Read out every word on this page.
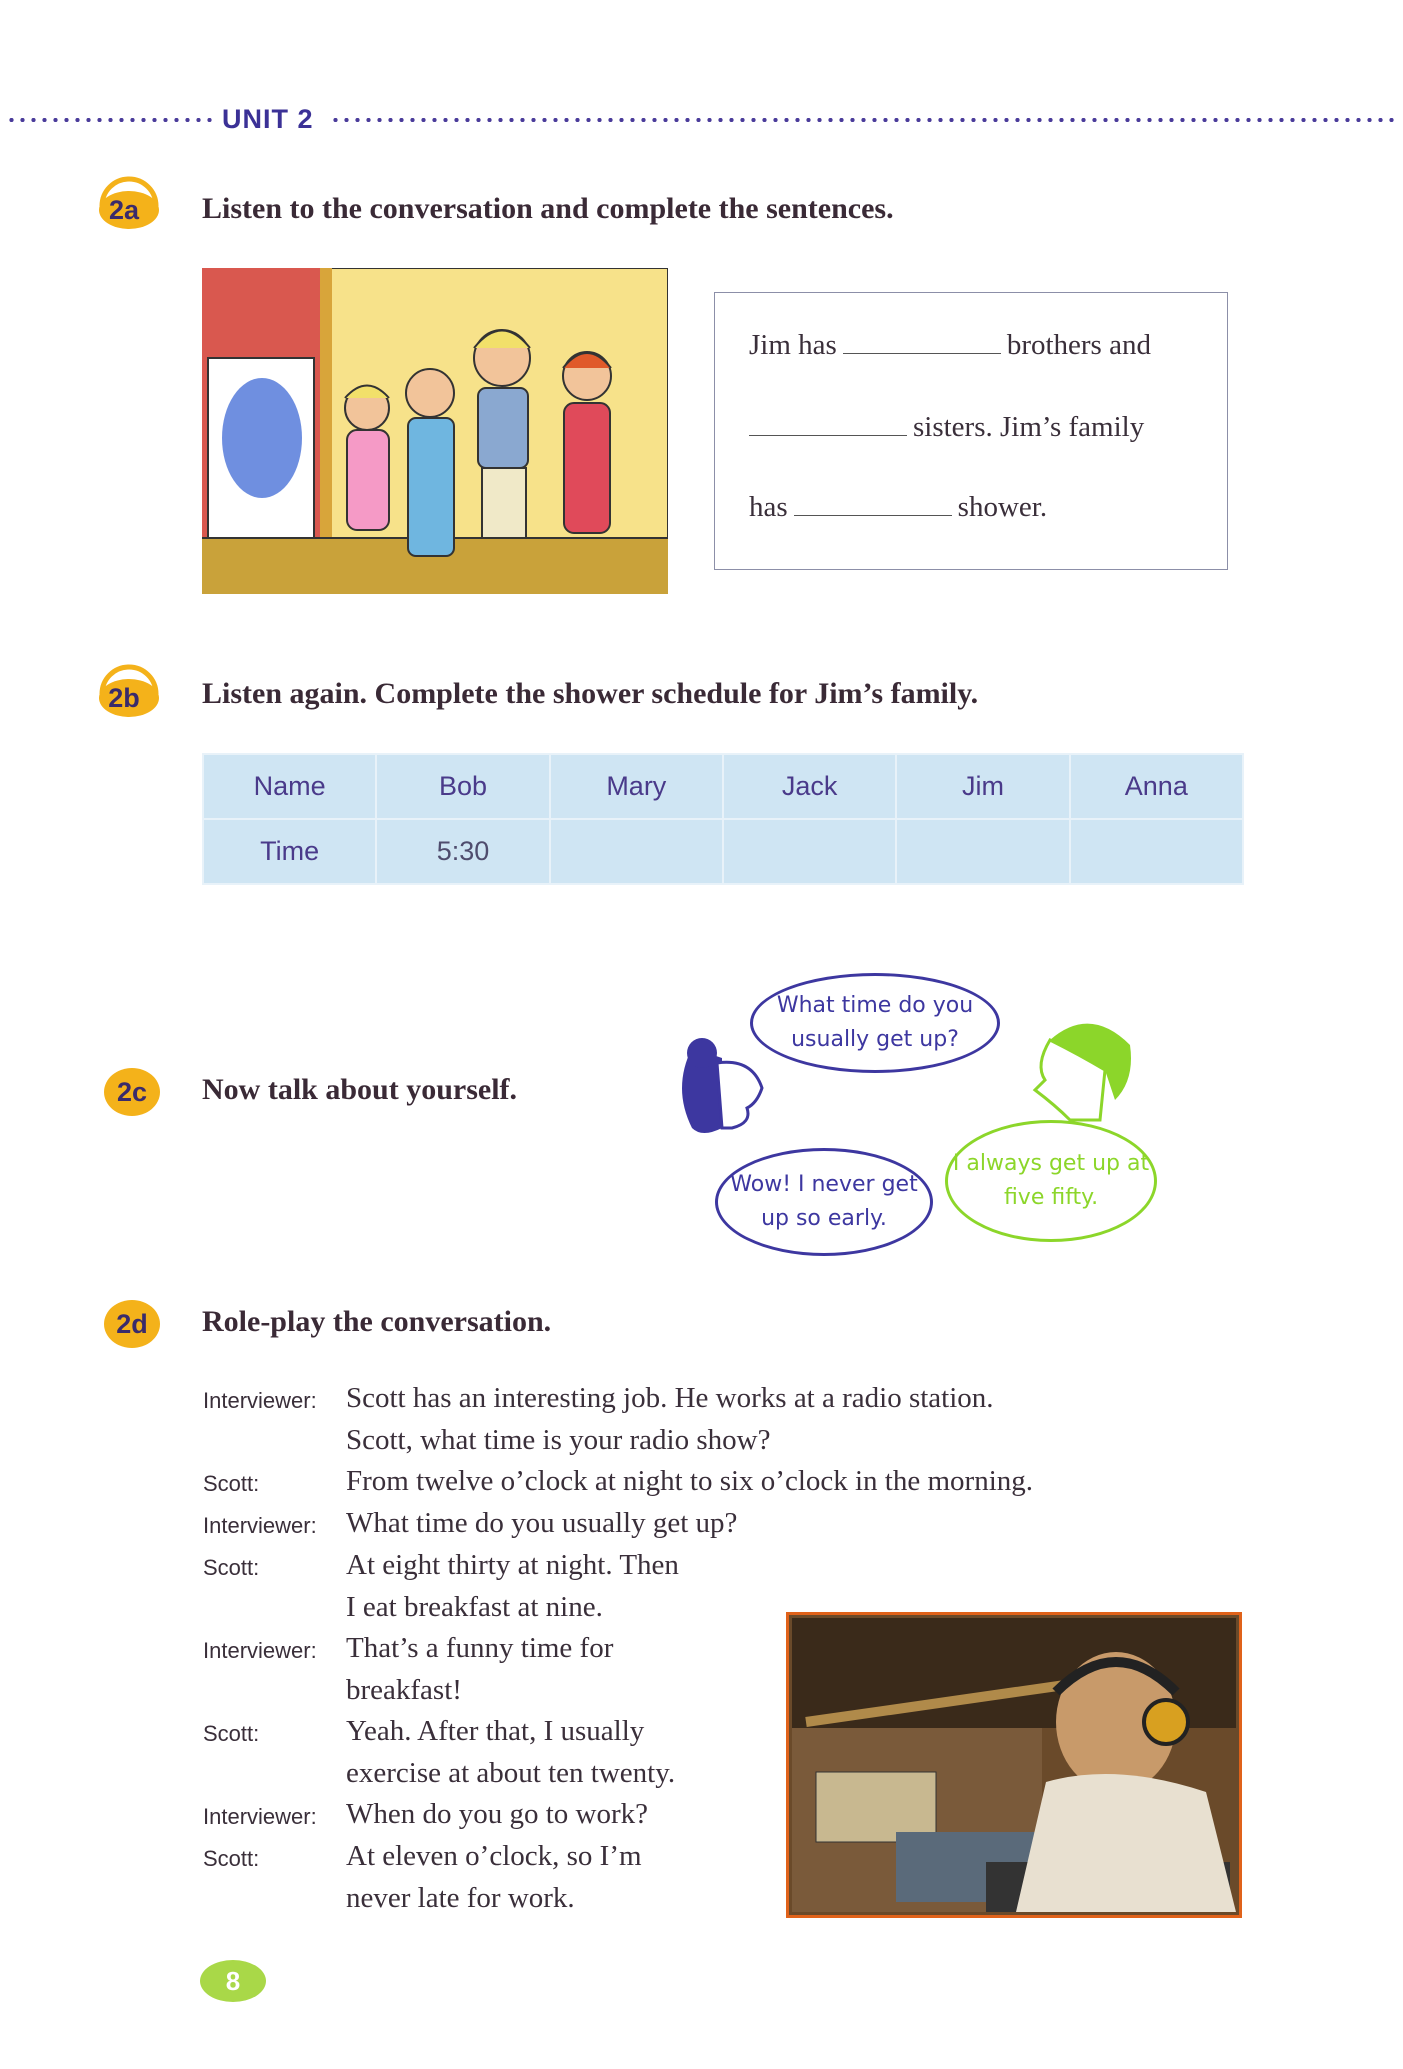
UNIT 2
2a	Listen to the conversation and complete the sentences.
Jim has	brothers and
sisters. Jim’s family
has	shower.
2b	Listen again. Complete the shower schedule for Jim’s family.
Name	Bob	Mary	Jack	Jim	Anna
Time	5:30				
2c	Now talk about yourself.
What time do you usually get up?
Wow! I never get up so early.
I always get up at five fifty.
2d	Role-play the conversation.
Interviewer: Scott has an interesting job. He works at a radio station.
Scott, what time is your radio show?
Scott:	From twelve o’clock at night to six o’clock in the morning.
Interviewer: What time do you usually get up?
Scott:	At eight thirty at night. Then
I eat breakfast at nine.
Interviewer: That’s a funny time for
breakfast!
Scott:	Yeah. After that, I usually
exercise at about ten twenty.
Interviewer: When do you go to work?
Scott:	At eleven o’clock, so I’m
never late for work.
8
